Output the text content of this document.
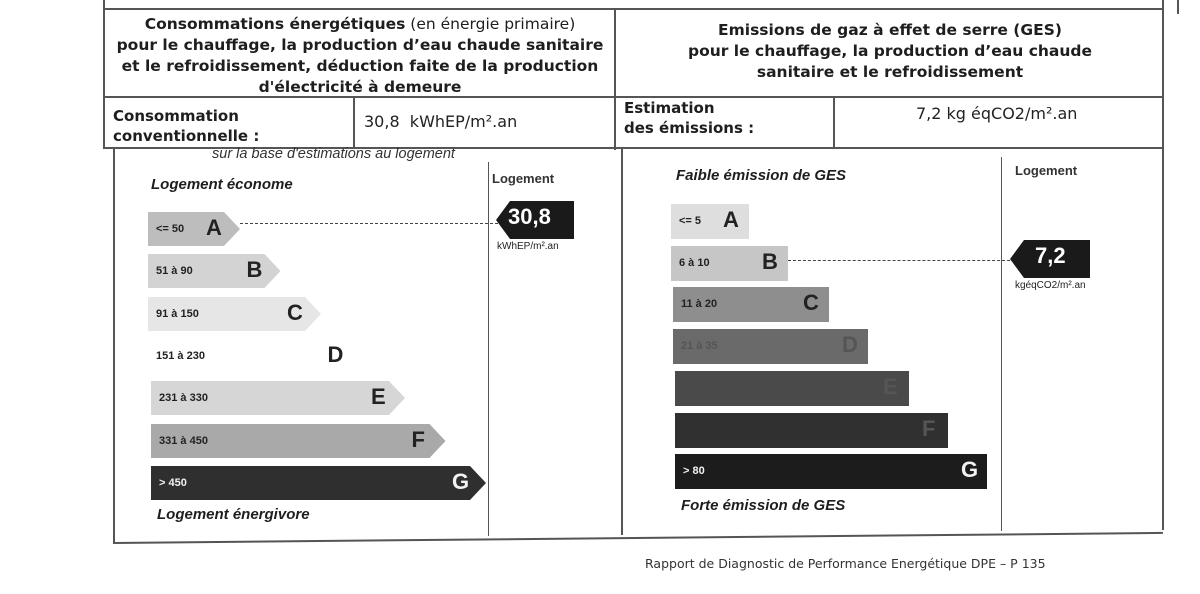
Consommations énergétiques (en énergie primaire)
pour le chauffage, la production d’eau chaude sanitaire
et le refroidissement, déduction faite de la production
d'électricité à demeure
Emissions de gaz à effet de serre (GES)
pour le chauffage, la production d’eau chaude
sanitaire et le refroidissement
Consommation
conventionnelle :
30,8  kWhEP/m².an
Estimation
des émissions :
7,2 kg éqCO2/m².an
sur la base d'estimations au logement
Logement économe
Logement énergivore
Logement
<= 50 A
51 à 90 B
91 à 150	C
151 à 230	D
231 à 330	E
331 à 450	F
> 450	G
30,8
kWhEP/m².an
Faible émission de GES
Forte émission de GES
Logement
<= 5 A
6 à 10 B
11 à 20	C
21 à 35	D
E
F
> 80	G
7,2
kgéqCO2/m².an
Rapport de Diagnostic de Performance Energétique DPE – P 135
